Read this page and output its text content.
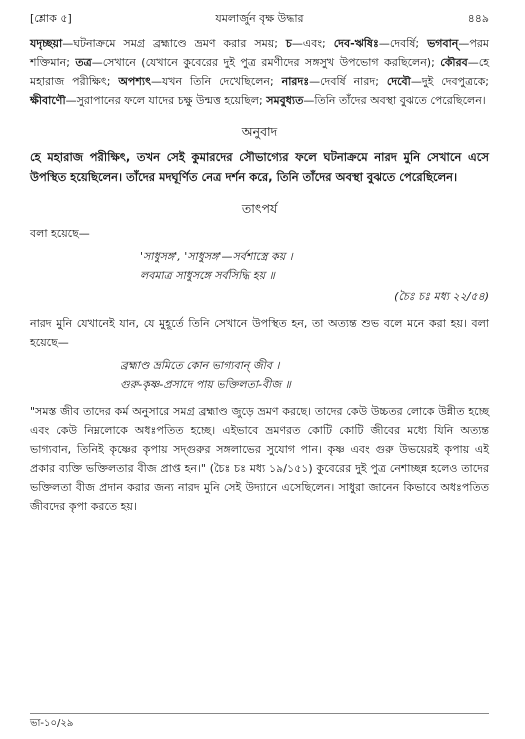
[শ্লোক ৫]	যমলার্জুন বৃক্ষ উদ্ধার	৪৪৯

যদৃচ্ছয়া—ঘটনাক্রমে সমগ্র ব্রহ্মাণ্ডে ভ্রমণ করার সময়; চ—এবং; দেব-ঋষিঃ—দেবর্ষি; ভগবান্—পরম শক্তিমান; তত্র—সেখানে (যেখানে কুবেরের দুই পুত্র রমণীদের সঙ্গসুখ উপভোগ করছিলেন); কৌরব—হে মহারাজ পরীক্ষিৎ; অপশ্যৎ—যখন তিনি দেখেছিলেন; নারদঃ—দেবর্ষি নারদ; দেবৌ—দুই দেবপুত্রকে; ক্ষীবাণৌ—সুরাপানের ফলে যাদের চক্ষু উন্মত্ত হয়েছিল; সমবুধ্যত—তিনি তাঁদের অবস্থা বুঝতে পেরেছিলেন।

অনুবাদ

হে মহারাজ পরীক্ষিৎ, তখন সেই কুমারদের সৌভাগ্যের ফলে ঘটনাক্রমে নারদ মুনি সেখানে এসে উপস্থিত হয়েছিলেন। তাঁদের মদঘূর্ণিত নেত্র দর্শন করে, তিনি তাঁদের অবস্থা বুঝতে পেরেছিলেন।

তাৎপর্য

বলা হয়েছে—

'সাধুসঙ্গ', 'সাধুসঙ্গ'—সর্বশাস্ত্রে কয় ।
লবমাত্র সাধুসঙ্গে সর্বসিদ্ধি হয় ॥
(চৈঃ চঃ মধ্য ২২/৫৪)

নারদ মুনি যেখানেই যান, যে মুহূর্তে তিনি সেখানে উপস্থিত হন, তা অত্যন্ত শুভ বলে মনে করা হয়। বলা হয়েছে—

ব্রহ্মাণ্ড ভ্রমিতে কোন ভাগ্যবান্ জীব ।
গুরু-কৃষ্ণ-প্রসাদে পায় ভক্তিলতা-বীজ ॥

"সমস্ত জীব তাদের কর্ম অনুসারে সমগ্র ব্রহ্মাণ্ড জুড়ে ভ্রমণ করছে। তাদের কেউ উচ্চতর লোকে উন্নীত হচ্ছে এবং কেউ নিম্নলোকে অধঃপতিত হচ্ছে। এইভাবে ভ্রমণরত কোটি কোটি জীবের মধ্যে যিনি অত্যন্ত ভাগ্যবান, তিনিই কৃষ্ণের কৃপায় সদ্গুরুর সঙ্গলাভের সুযোগ পান। কৃষ্ণ এবং গুরু উভয়েরই কৃপায় এই প্রকার ব্যক্তি ভক্তিলতার বীজ প্রাপ্ত হন।" (চৈঃ চঃ মধ্য ১৯/১৫১) কুবেরের দুই পুত্র নেশাচ্ছন্ন হলেও তাদের ভক্তিলতা বীজ প্রদান করার জন্য নারদ মুনি সেই উদ্যানে এসেছিলেন। সাধুরা জানেন কিভাবে অধঃপতিত জীবদের কৃপা করতে হয়।

ভা-১০/২৯
